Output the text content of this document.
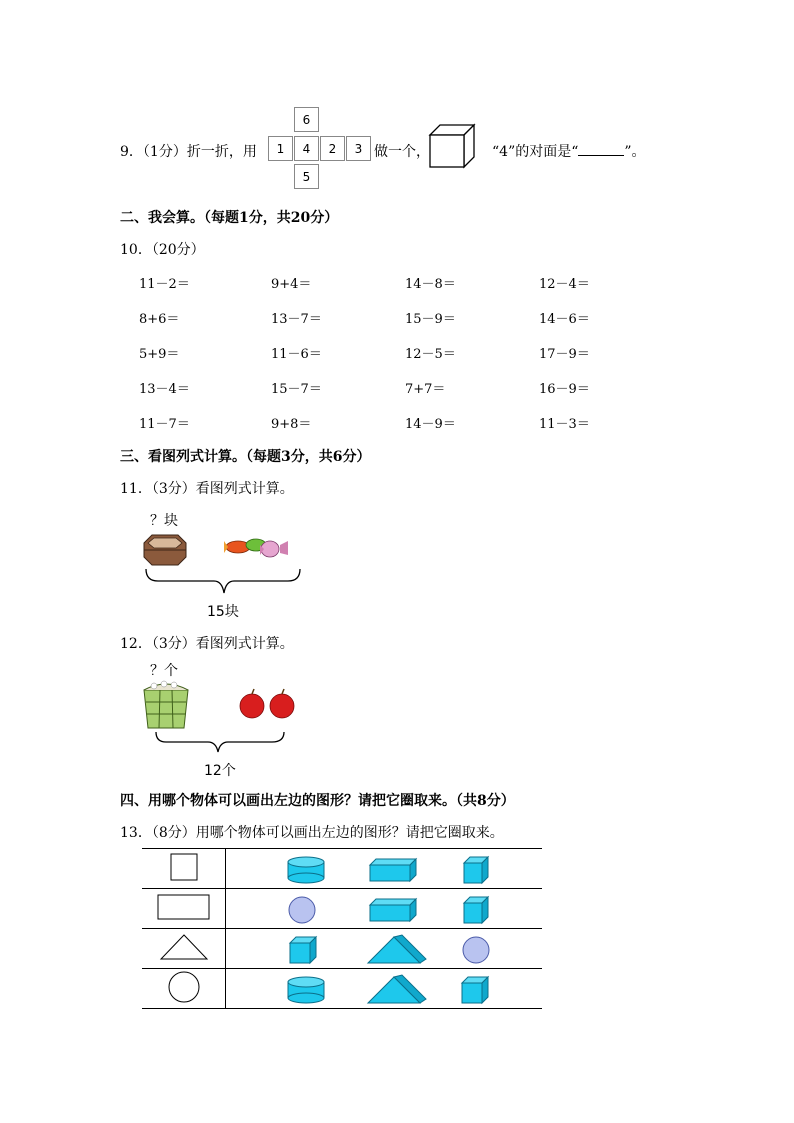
9．（1分）折一折，用
6
1	4	2	3
5
做一个，	“4”的对面是“	”。
二、我会算。（每题1分，共20分）
10．（20分）
11－2＝	9+4＝	14－8＝	12－4＝
8+6＝	13－7＝	15－9＝	14－6＝
5+9＝	11－6＝	12－5＝	17－9＝
13－4＝	15－7＝	7+7＝	16－9＝
11－7＝	9+8＝	14－9＝	11－3＝
三、看图列式计算。（每题3分，共6分）
11．（3分）看图列式计算。
？块
15块
12．（3分）看图列式计算。
？个
12个
四、用哪个物体可以画出左边的图形？请把它圈取来。（共8分）
13．（8分）用哪个物体可以画出左边的图形？请把它圈取来。
